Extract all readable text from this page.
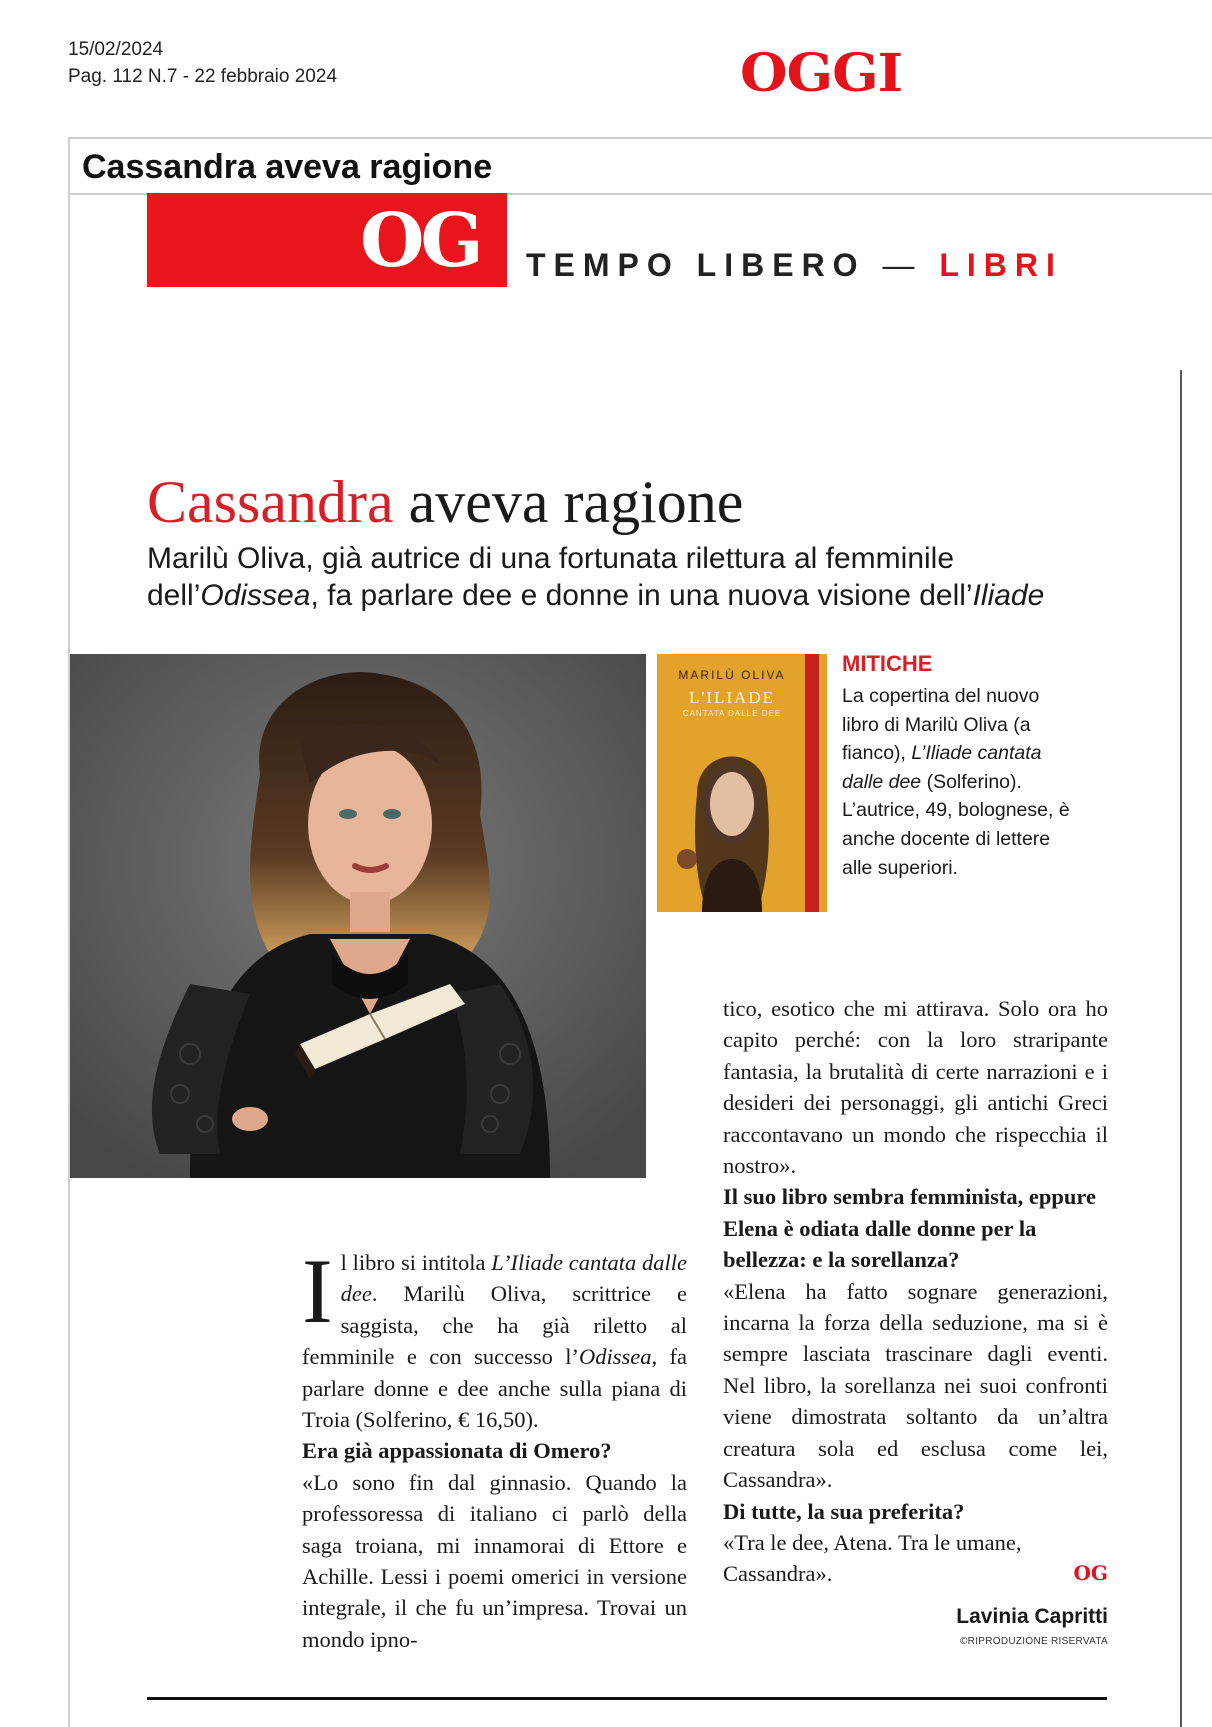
15/02/2024
Pag. 112 N.7 - 22 febbraio 2024	OGGI
Cassandra aveva ragione
OG TEMPO LIBERO — LIBRI
Cassandra aveva ragione
Marilù Oliva, già autrice di una fortunata rilettura al femminile dell’Odissea, fa parlare dee e donne in una nuova visione dell’Iliade
MARILÙ OLIVA
L'ILIADE
CANTATA DALLE DEE
MITICHE
La copertina del nuovo libro di Marilù Oliva (a fianco), L’Iliade cantata dalle dee (Solferino). L’autrice, 49, bolognese, è anche docente di lettere alle superiori.

Il libro si intitola L’Iliade cantata dalle dee. Marilù Oliva, scrittrice e saggista, che ha già riletto al femminile e con successo l’Odissea, fa parlare donne e dee anche sulla piana di Troia (Solferino, € 16,50).

Era già appassionata di Omero?

«Lo sono fin dal ginnasio. Quando la professoressa di italiano ci parlò della saga troiana, mi innamorai di Ettore e Achille. Lessi i poemi omerici in versione integrale, il che fu un’impresa. Trovai un mondo ipno-

tico, esotico che mi attirava. Solo ora ho capito perché: con la loro straripante fantasia, la brutalità di certe narrazioni e i desideri dei personaggi, gli antichi Greci raccontavano un mondo che rispecchia il nostro».

Il suo libro sembra femminista, eppure Elena è odiata dalle donne per la bellezza: e la sorellanza?

«Elena ha fatto sognare generazioni, incarna la forza della seduzione, ma si è sempre lasciata trascinare dagli eventi. Nel libro, la sorellanza nei suoi confronti viene dimostrata soltanto da un’altra creatura sola ed esclusa come lei, Cassandra».

Di tutte, la sua preferita?

«Tra le dee, Atena. Tra le umane, Cassandra».	OG

Lavinia Capritti
©RIPRODUZIONE RISERVATA
